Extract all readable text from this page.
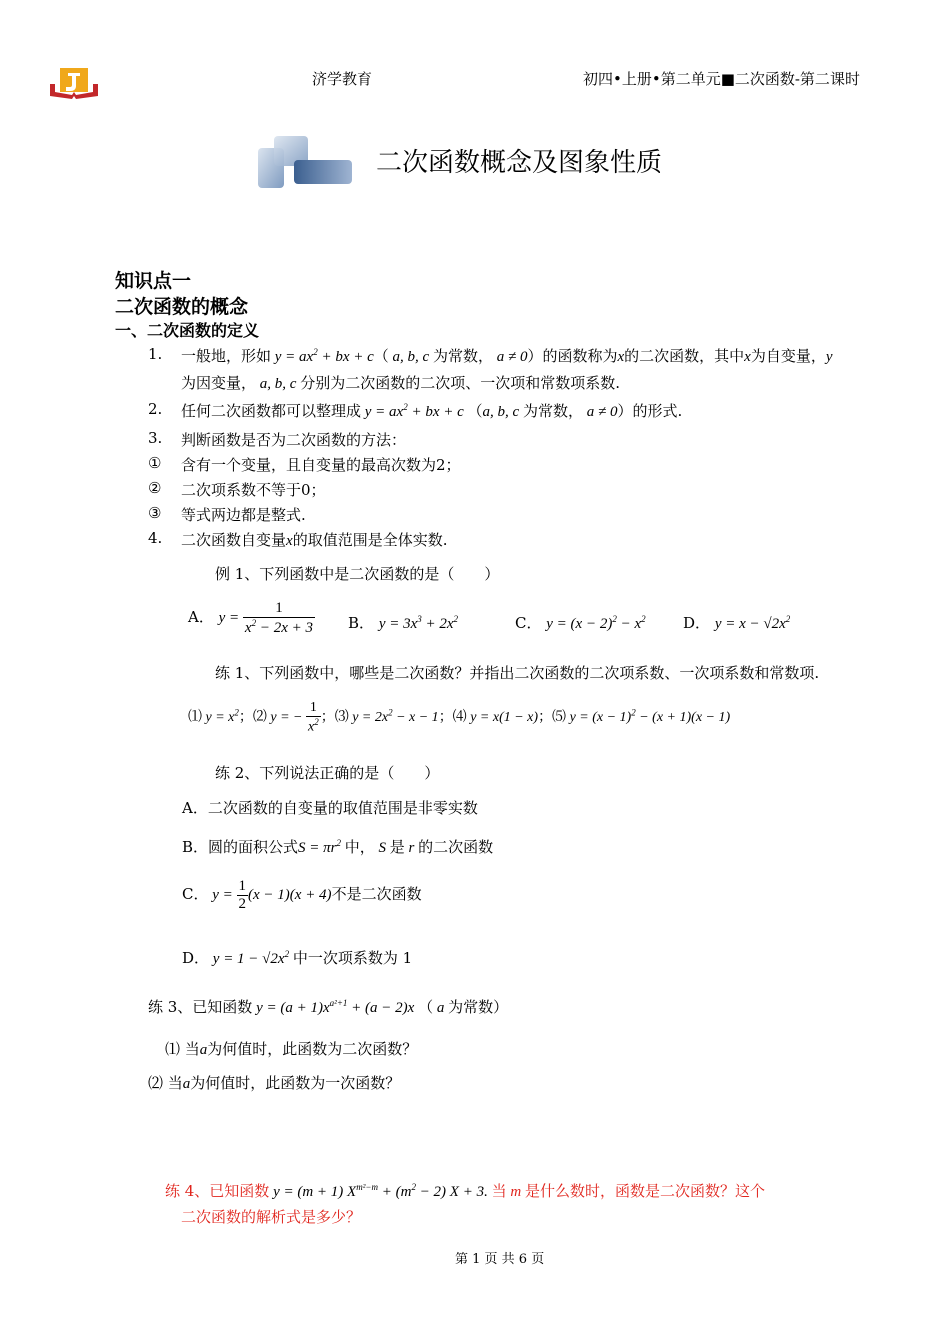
济学教育	初四•上册•第二单元■二次函数-第二课时
二次函数概念及图象性质
知识点一
二次函数的概念
一、二次函数的定义
1. 一般地，形如 $y = ax^2$ + bx + c（ a, b, c 为常数， a ≠ 0）的函数称为x的二次函数，其中x为自变量，y
为因变量， a, b, c 分别为二次函数的二次项、一次项和常数项系数.
2. 任何二次函数都可以整理成 $y = ax^2$ + bx + c （a, b, c 为常数， a ≠ 0）的形式.
3. 判断函数是否为二次函数的方法：
① 含有一个变量，且自变量的最高次数为2；
② 二次项系数不等于0；
③ 等式两边都是整式.
4. 二次函数自变量x的取值范围是全体实数.
例 1、下列函数中是二次函数的是（　　）
A． $y = \frac{1}{x^2 - 2x + 3}$ B． $y = 3x^3 + 2x^2$	C． $y = (x - 2)^2 - x^2$ D． $y = x - √2x^2$
练 1、下列函数中，哪些是二次函数？并指出二次函数的二次项系数、一次项系数和常数项.
⑴ $y = x^2$；⑵ y = − $\frac{1}{x^2}$ ；⑶ $y = 2x^2 - x - 1$；⑷ y = x(1 − x)；⑸ $y = (x - 1)^2 - (x + 1)(x - 1)$
练 2、下列说法正确的是（　　）
A．二次函数的自变量的取值范围是非零实数
B．圆的面积公式$S = \pi r^2$ 中， S 是 r 的二次函数
C． $y = \frac{1}{2} (x - 1)(x + 4)$不是二次函数
D． $y = 1 - √2x^2$ 中一次项系数为 1
练 3、已知函数 $y = (a + 1)x^{a^2+1} + (a - 2)x$ （ a 为常数）
⑴ 当a为何值时，此函数为二次函数？
⑵ 当a为何值时，此函数为一次函数？
练 4、已知函数 y = (m + 1) $X^{m^2-m} + (m^2 - 2) X + 3$. 当 m 是什么数时，函数是二次函数？这个
二次函数的解析式是多少？
第 1 页 共 6 页
